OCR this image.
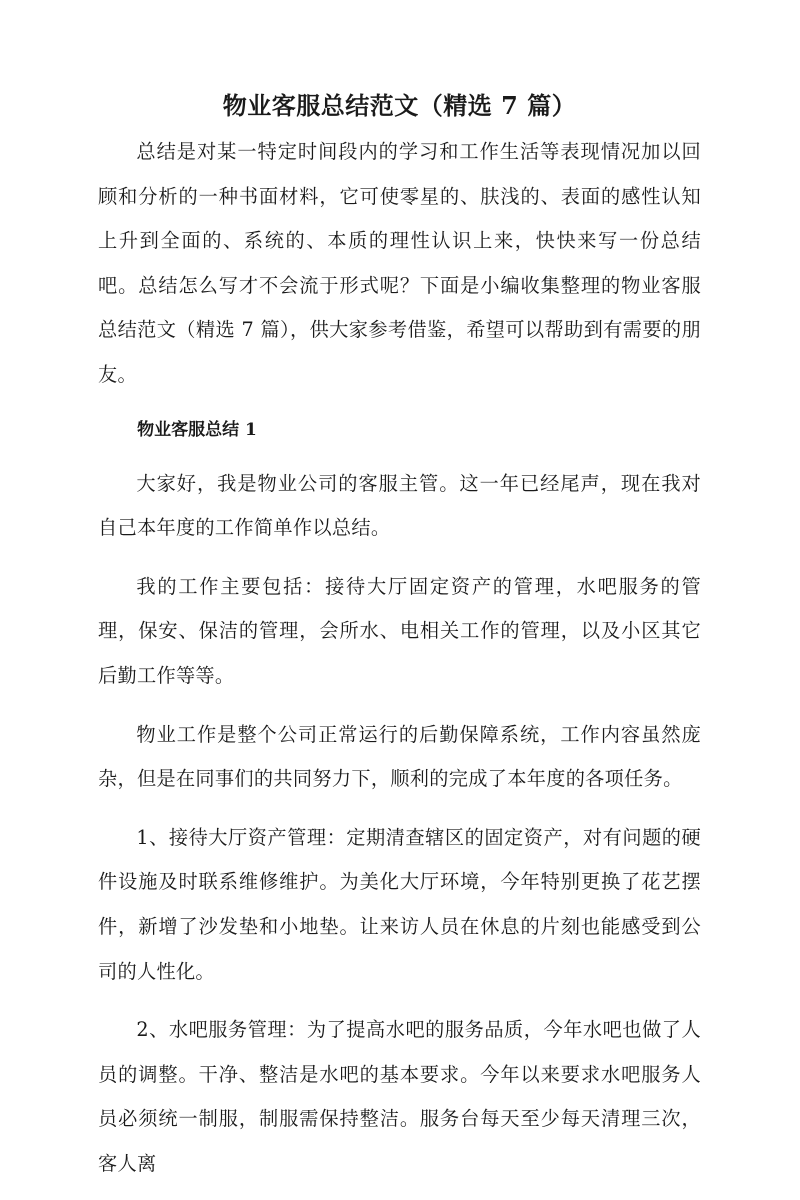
物业客服总结范文（精选 7 篇）

总结是对某一特定时间段内的学习和工作生活等表现情况加以回顾和分析的一种书面材料，它可使零星的、肤浅的、表面的感性认知上升到全面的、系统的、本质的理性认识上来，快快来写一份总结吧。总结怎么写才不会流于形式呢？下面是小编收集整理的物业客服总结范文（精选 7 篇），供大家参考借鉴，希望可以帮助到有需要的朋友。

物业客服总结 1

大家好，我是物业公司的客服主管。这一年已经尾声，现在我对自己本年度的工作简单作以总结。

我的工作主要包括：接待大厅固定资产的管理，水吧服务的管理，保安、保洁的管理，会所水、电相关工作的管理，以及小区其它后勤工作等等。

物业工作是整个公司正常运行的后勤保障系统，工作内容虽然庞杂，但是在同事们的共同努力下，顺利的完成了本年度的各项任务。

1、接待大厅资产管理：定期清查辖区的固定资产，对有问题的硬件设施及时联系维修维护。为美化大厅环境，今年特别更换了花艺摆件，新增了沙发垫和小地垫。让来访人员在休息的片刻也能感受到公司的人性化。

2、水吧服务管理：为了提高水吧的服务品质，今年水吧也做了人员的调整。干净、整洁是水吧的基本要求。今年以来要求水吧服务人员必须统一制服，制服需保持整洁。服务台每天至少每天清理三次，客人离
